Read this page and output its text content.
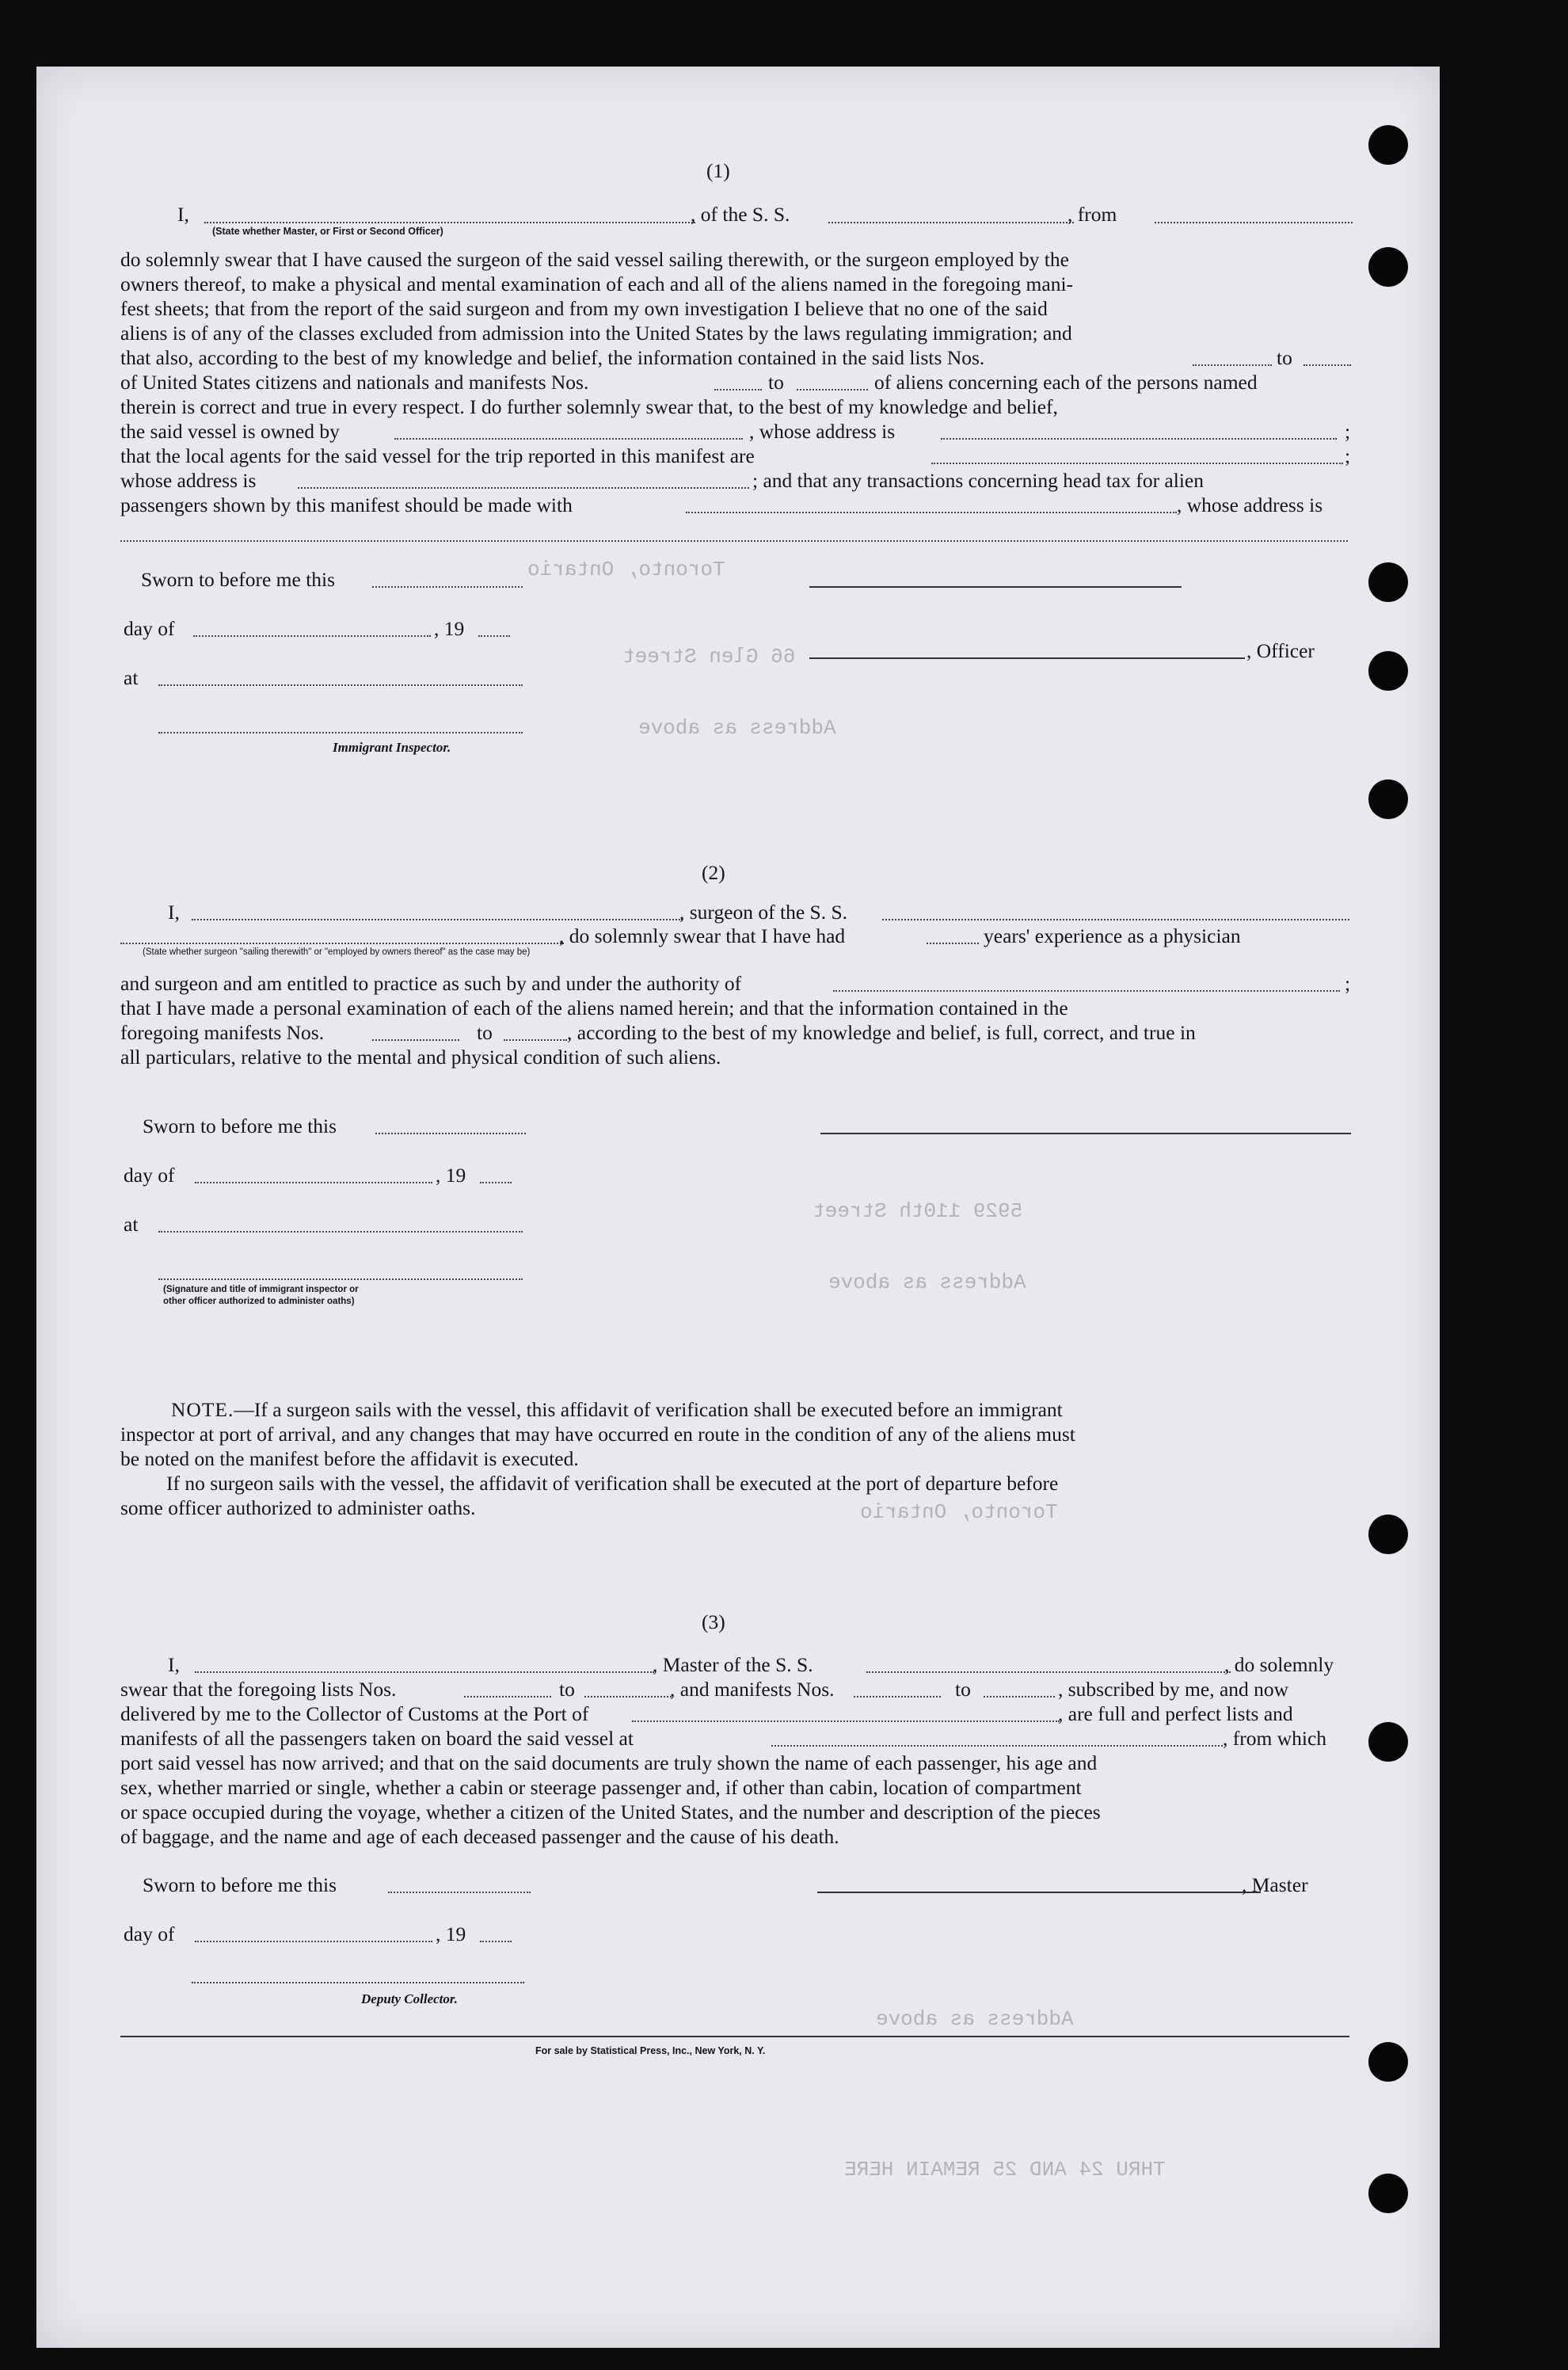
Toronto, Ontario
66 Glen Street
Address as above
5929 110th Street
Address as above
Toronto, Ontario
Address as above
THRU 24 AND 25 REMAIN HERE
(1)
I,	, of the S. S.	, from
(State whether Master, or First or Second Officer)
do solemnly swear that I have caused the surgeon of the said vessel sailing therewith, or the surgeon employed by the
owners thereof, to make a physical and mental examination of each and all of the aliens named in the foregoing mani-
fest sheets; that from the report of the said surgeon and from my own investigation I believe that no one of the said
aliens is of any of the classes excluded from admission into the United States by the laws regulating immigration; and
that also, according to the best of my knowledge and belief, the information contained in the said lists Nos.	to
of United States citizens and nationals and manifests Nos.	to	of aliens concerning each of the persons named
therein is correct and true in every respect. I do further solemnly swear that, to the best of my knowledge and belief,
the said vessel is owned by	, whose address is	;
that the local agents for the said vessel for the trip reported in this manifest are	;
whose address is	; and that any transactions concerning head tax for alien
passengers shown by this manifest should be made with	, whose address is
Sworn to before me this
day of	, 19
, Officer
at
Immigrant Inspector.
(2)
I,	, surgeon of the S. S.
, do solemnly swear that I have had	years' experience as a physician
(State whether surgeon "sailing therewith" or "employed by owners thereof" as the case may be)
and surgeon and am entitled to practice as such by and under the authority of	;
that I have made a personal examination of each of the aliens named herein; and that the information contained in the
foregoing manifests Nos.	to	, according to the best of my knowledge and belief, is full, correct, and true in
all particulars, relative to the mental and physical condition of such aliens.
Sworn to before me this
day of	, 19
at
(Signature and title of immigrant inspector or
other officer authorized to administer oaths)
NOTE.—If a surgeon sails with the vessel, this affidavit of verification shall be executed before an immigrant
inspector at port of arrival, and any changes that may have occurred en route in the condition of any of the aliens must
be noted on the manifest before the affidavit is executed.
If no surgeon sails with the vessel, the affidavit of verification shall be executed at the port of departure before
some officer authorized to administer oaths.
(3)
I,	, Master of the S. S.	, do solemnly
swear that the foregoing lists Nos.	to	, and manifests Nos.	to	, subscribed by me, and now
delivered by me to the Collector of Customs at the Port of	, are full and perfect lists and
manifests of all the passengers taken on board the said vessel at	, from which
port said vessel has now arrived; and that on the said documents are truly shown the name of each passenger, his age and
sex, whether married or single, whether a cabin or steerage passenger and, if other than cabin, location of compartment
or space occupied during the voyage, whether a citizen of the United States, and the number and description of the pieces
of baggage, and the name and age of each deceased passenger and the cause of his death.
Sworn to before me this	, Master
day of	, 19
Deputy Collector.
For sale by Statistical Press, Inc., New York, N. Y.
